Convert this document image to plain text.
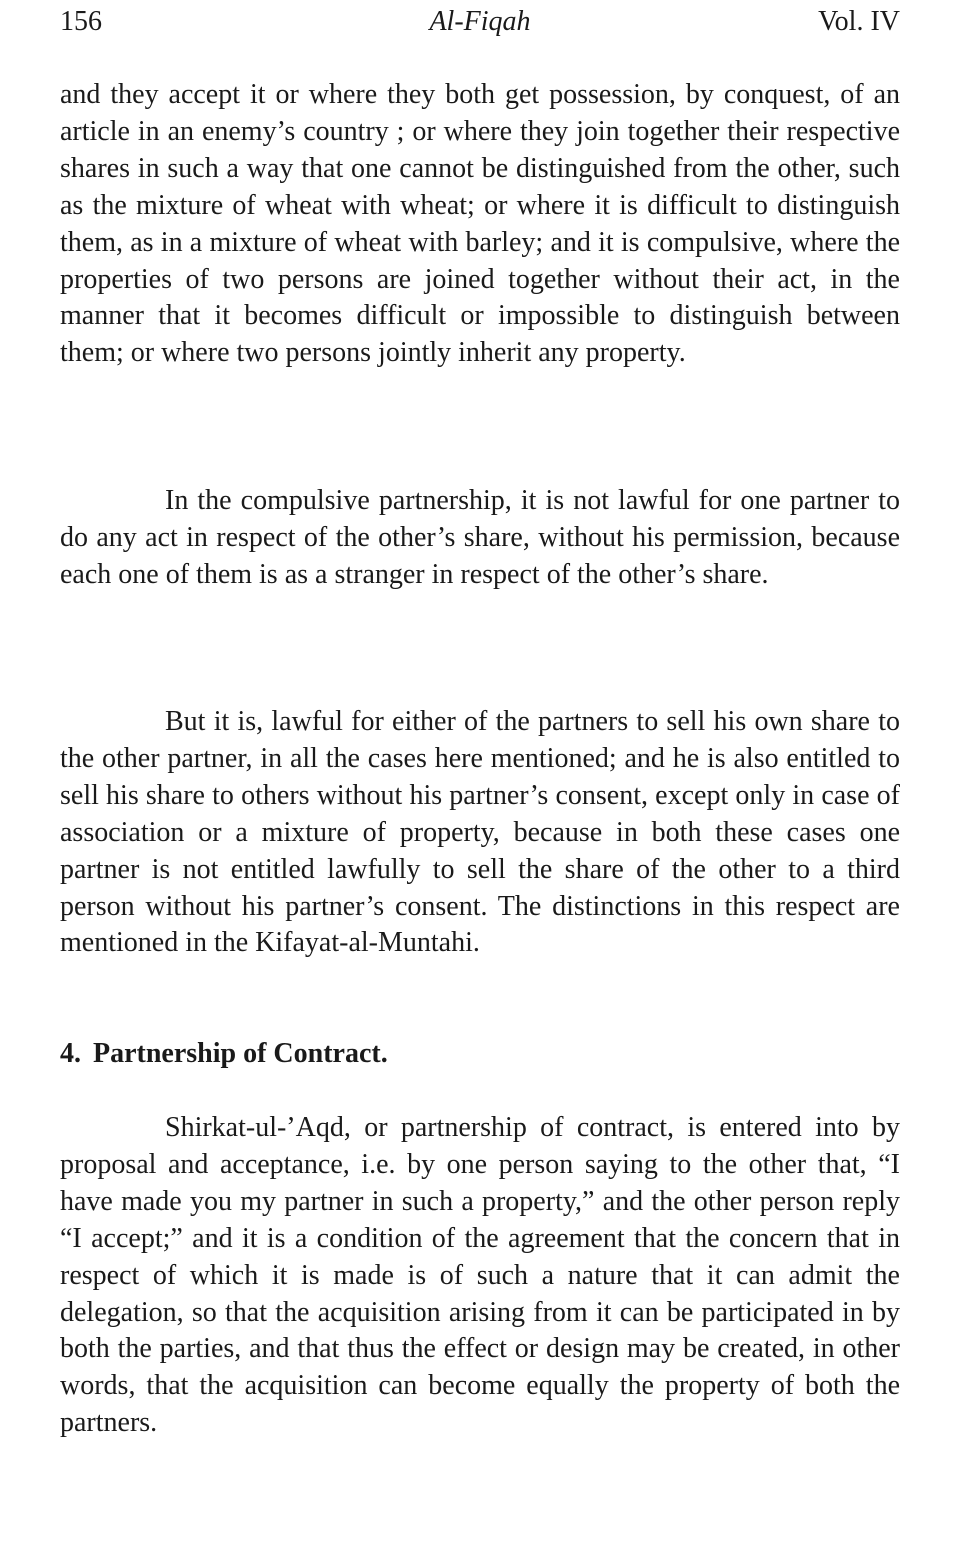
156	Al-Fiqah	Vol. IV

and they accept it or where they both get possession, by conquest, of an article in an enemy’s country ; or where they join together their respective shares in such a way that one cannot be distinguished from the other, such as the mixture of wheat with wheat; or where it is difficult to distinguish them, as in a mixture of wheat with barley; and it is compulsive, where the properties of two persons are joined together without their act, in the manner that it becomes difficult or impossible to distinguish between them; or where two persons jointly inherit any property.

In the compulsive partnership, it is not lawful for one partner to do any act in respect of the other’s share, without his permission, because each one of them is as a stranger in respect of the other’s share.

But it is, lawful for either of the partners to sell his own share to the other partner, in all the cases here mentioned; and he is also entitled to sell his share to others without his partner’s consent, except only in case of association or a mixture of property, because in both these cases one partner is not entitled lawfully to sell the share of the other to a third person without his partner’s consent. The distinctions in this respect are mentioned in the Kifayat-al-Muntahi.

4. Partnership of Contract.

Shirkat-ul-’Aqd, or partnership of contract, is entered into by proposal and acceptance, i.e. by one person saying to the other that, “I have made you my partner in such a property,” and the other person reply “I accept;” and it is a condition of the agreement that the concern that in respect of which it is made is of such a nature that it can admit the delegation, so that the acquisition arising from it can be participated in by both the parties, and that thus the effect or design may be created, in other words, that the acquisition can become equally the property of both the partners.
